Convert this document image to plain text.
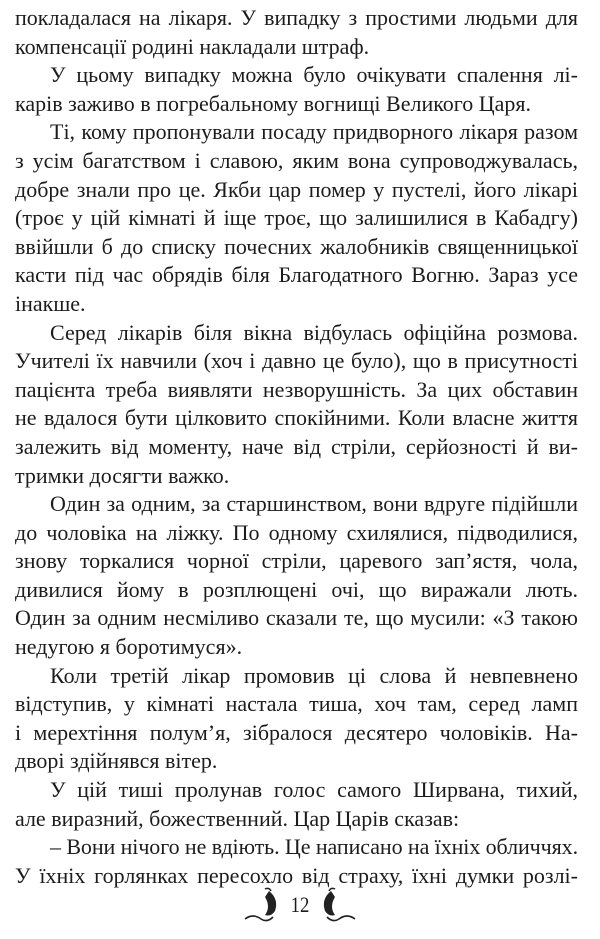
покладалася на лікаря. У випадку з простими людьми для
компенсації родині накладали штраф.
У цьому випадку можна було очікувати спалення лі-
карів заживо в погребальному вогнищі Великого Царя.
Ті, кому пропонували посаду придворного лікаря разом
з усім багатством і славою, яким вона супроводжувалась,
добре знали про це. Якби цар помер у пустелі, його лікарі
(троє у цій кімнаті й іще троє, що залишилися в Кабадгу)
ввійшли б до списку почесних жалобників священницької
касти під час обрядів біля Благодатного Вогню. Зараз усе
інакше.
Серед лікарів біля вікна відбулась офіційна розмова.
Учителі їх навчили (хоч і давно це було), що в присутності
пацієнта треба виявляти незворушність. За цих обставин
не вдалося бути цілковито спокійними. Коли власне життя
залежить від моменту, наче від стріли, серйозності й ви-
тримки досягти важко.
Один за одним, за старшинством, вони вдруге підійшли
до чоловіка на ліжку. По одному схилялися, підводилися,
знову торкалися чорної стріли, царевого зап’ястя, чола,
дивилися йому в розплющені очі, що виражали лють.
Один за одним несміливо сказали те, що мусили: «З такою
недугою я боротимуся».
Коли третій лікар промовив ці слова й невпевнено
відступив, у кімнаті настала тиша, хоч там, серед ламп
і мерехтіння полум’я, зібралося десятеро чоловіків. На-
дворі здійнявся вітер.
У цій тиші пролунав голос самого Ширвана, тихий,
але виразний, божественний. Цар Царів сказав:
– Вони нічого не вдіють. Це написано на їхніх обличчях.
У їхніх горлянках пересохло від страху, їхні думки розлі-
12
